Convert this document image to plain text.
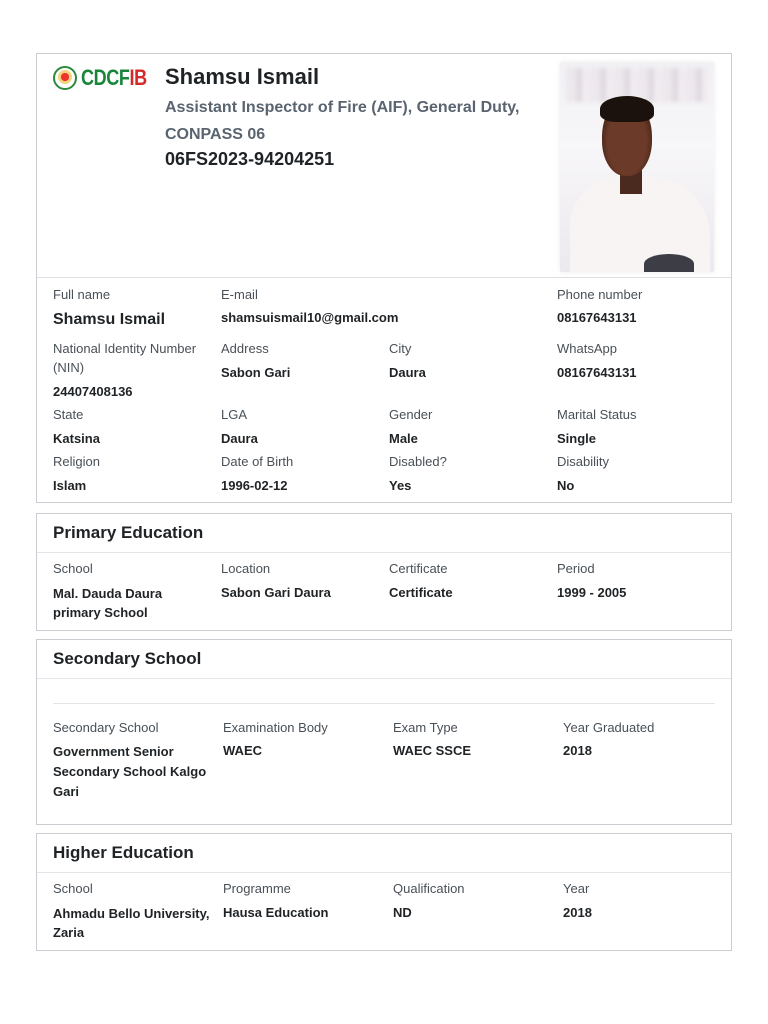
CDCFIB Shamsu Ismail
Assistant Inspector of Fire (AIF), General Duty, CONPASS 06
06FS2023-94204251
Full name
Shamsu Ismail
E-mail
shamsuismail10@gmail.com
Phone number
08167643131
National Identity Number (NIN)
24407408136
Address
Sabon Gari
City
Daura
WhatsApp
08167643131
State
Katsina
LGA
Daura
Gender
Male
Marital Status
Single
Religion
Islam
Date of Birth
1996-02-12
Disabled?
Yes
Disability
No
Primary Education
School
Mal. Dauda Daura primary School
Location
Sabon Gari Daura
Certificate
Certificate
Period
1999 - 2005
Secondary School
Secondary School
Government Senior Secondary School Kalgo Gari
Examination Body
WAEC
Exam Type
WAEC SSCE
Year Graduated
2018
Higher Education
School
Ahmadu Bello University, Zaria
Programme
Hausa Education
Qualification
ND
Year
2018
